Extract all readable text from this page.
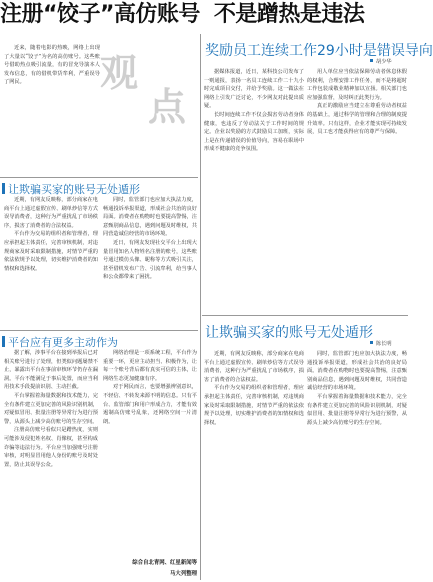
注册“饺子”高仿账号 不是蹭热是违法
观
点

近来，随着电影的热映，网络上出现了大量以“饺子”为名的高仿账号。这些账号借助热点吸引流量，有的冒充导演本人发布信息，有的借机带货牟利，严重误导了网民。

让欺骗买家的账号无处遁形

近期，有网友反映称，部分商家在电商平台上通过虚假宣传、刷单炒信等方式误导消费者，这种行为严重扰乱了市场秩序，损害了消费者的合法权益。

平台作为交易的组织者和管理者，理应承担起主体责任，完善审核机制，对违规商家及时采取限制措施，对情节严重的依法依规予以处理，切实维护消费者的知情权和选择权。

同时，监管部门也应加大执法力度，畅通投诉举报渠道，形成社会共治的良好局面。消费者在购物时也要提高警惕，注意甄别商品信息，遇到问题及时维权，共同营造诚信经营的市场环境。

近日，有网友发现社交平台上出现大量冒用知名人物姓名注册的账号，这些账号通过模仿头像、昵称等方式吸引关注，甚至借机发布广告、引流牟利，给当事人和公众都带来了困扰。

平台应有更多主动作为

据了解，涉事平台在接到举报后已对相关账号进行了处理，但类似问题屡禁不止，暴露出平台在事前审核环节仍存在漏洞。平台不能满足于事后处置，而应当利用技术手段提前识别、主动拦截。

平台掌握着海量数据和技术能力，完全有条件建立更加完善的风险识别机制，对疑似冒用、批量注册等异常行为进行预警，从源头上减少高仿账号的生存空间。

注册高仿账号看似只是蹭热度，实则可能涉及侵犯姓名权、肖像权，甚至构成诈骗等违法行为。平台应当加强账号注册审核，对明显冒用他人身份的账号及时处置，防止其误导公众。

网络治理是一项系统工程，平台作为重要一环，更应主动担当、积极作为，让每一个账号背后都有真实可信的主体，让网络生态更加健康有序。

对于网民而言，也要增强辨别意识，不轻信、不转发来源不明的信息。只有平台、监管部门和用户形成合力，才能有效遏制高仿账号乱象，还网络空间一片清朗。

综合自北青网、红星新闻等
马大列整理
奖励员工连续工作29小时是错误导向
胡少华

据媒体报道，近日，某科技公司发布了一则通报，表扬一名员工连续工作二十九小时完成项目交付，并给予奖励。这一做法在网络上引发广泛讨论，不少网友对此提出质疑。

长时间连续工作不仅会损害劳动者身体健康，也违反了劳动法关于工作时间的规定。企业以奖励的方式鼓励员工加班，实际上是在传递错误的价值导向，容易在职场中形成不健康的竞争氛围。

用人单位应当依法保障劳动者休息休假的权利，合理安排工作任务，而不是将超时工作包装成敬业精神加以宣扬。相关部门也应加强监督，及时纠正此类行为。

真正的激励应当建立在尊重劳动者权益的基础上，通过科学的管理和合理的制度提升效率。只有这样，企业才能实现可持续发展，员工也才能获得应有的尊严与保障。

让欺骗买家的账号无处遁形
陈长明

近期，有网友反映称，部分商家在电商平台上通过虚假宣传、刷单炒信等方式误导消费者，这种行为严重扰乱了市场秩序，损害了消费者的合法权益。

平台作为交易的组织者和管理者，理应承担起主体责任，完善审核机制，对违规商家及时采取限制措施，对情节严重的依法依规予以处理，切实维护消费者的知情权和选择权。

同时，监管部门也应加大执法力度，畅通投诉举报渠道，形成社会共治的良好局面。消费者在购物时也要提高警惕，注意甄别商品信息，遇到问题及时维权，共同营造诚信经营的市场环境。

平台掌握着海量数据和技术能力，完全有条件建立更加完善的风险识别机制，对疑似冒用、批量注册等异常行为进行预警，从源头上减少高仿账号的生存空间。
